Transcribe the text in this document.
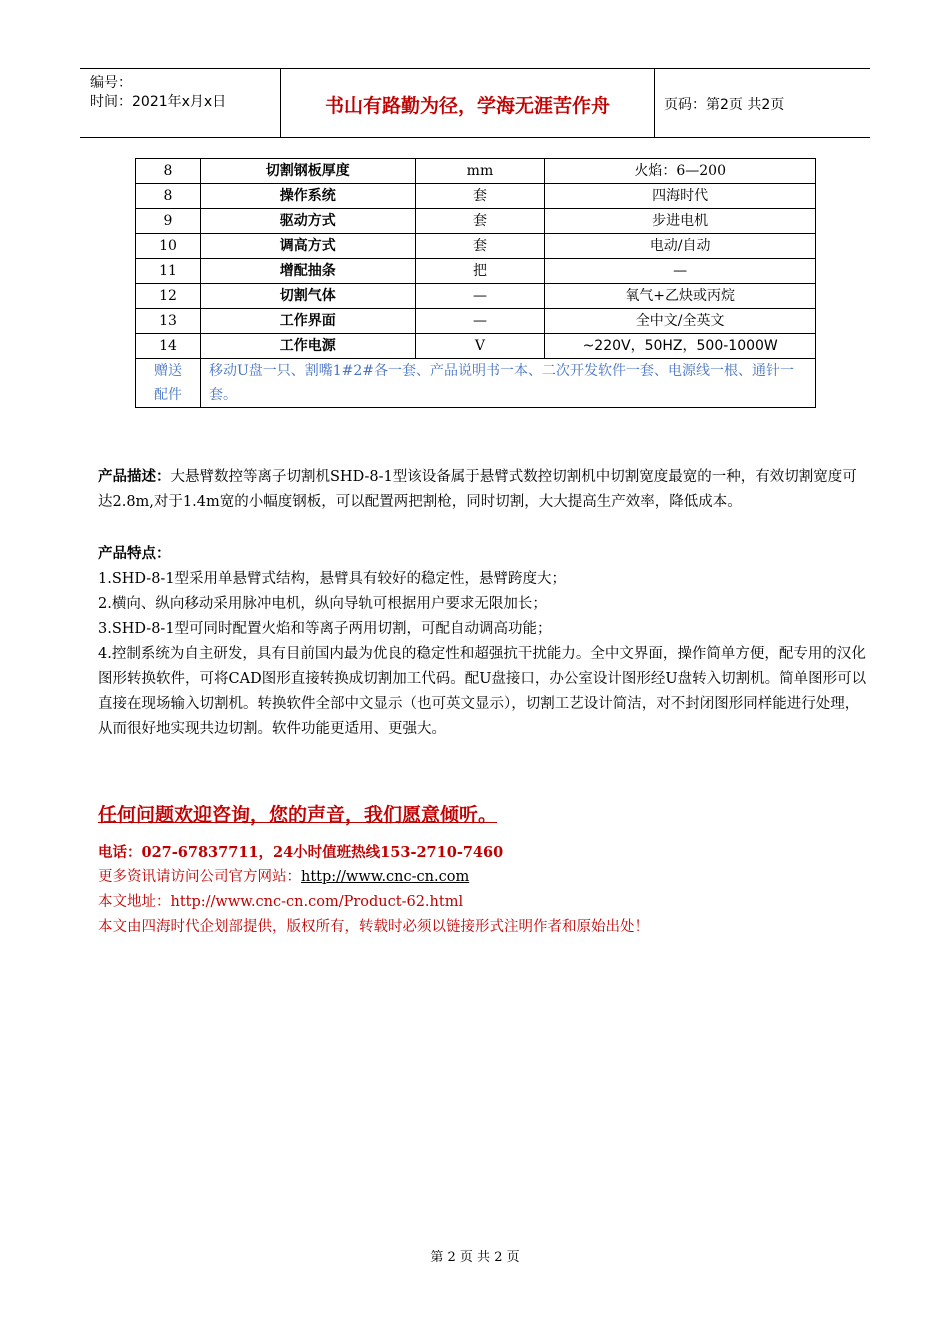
编号：
时间：2021年x月x日	书山有路勤为径，学海无涯苦作舟	页码：第2页 共2页
8	切割钢板厚度	mm	火焰：6—200
8	操作系统	套	四海时代
9	驱动方式	套	步进电机
10	调高方式	套	电动/自动
11	增配抽条	把	—
12	切割气体	—	氧气+乙炔或丙烷
13	工作界面	—	全中文/全英文
14	工作电源	V	~220V，50HZ，500-1000W
赠送配件	移动U盘一只、割嘴1#2#各一套、产品说明书一本、二次开发软件一套、电源线一根、通针一套。		

产品描述：大悬臂数控等离子切割机SHD-8-1型该设备属于悬臂式数控切割机中切割宽度最宽的一种，有效切割宽度可达2.8m,对于1.4m宽的小幅度钢板，可以配置两把割枪，同时切割，大大提高生产效率，降低成本。

产品特点：

1.SHD-8-1型采用单悬臂式结构，悬臂具有较好的稳定性，悬臂跨度大；

2.横向、纵向移动采用脉冲电机，纵向导轨可根据用户要求无限加长；

3.SHD-8-1型可同时配置火焰和等离子两用切割，可配自动调高功能；

4.控制系统为自主研发，具有目前国内最为优良的稳定性和超强抗干扰能力。全中文界面，操作简单方便，配专用的汉化图形转换软件，可将CAD图形直接转换成切割加工代码。配U盘接口，办公室设计图形经U盘转入切割机。简单图形可以直接在现场输入切割机。转换软件全部中文显示（也可英文显示），切割工艺设计简洁，对不封闭图形同样能进行处理，从而很好地实现共边切割。软件功能更适用、更强大。

任何问题欢迎咨询，您的声音，我们愿意倾听。

电话：027-67837711，24小时值班热线153-2710-7460

更多资讯请访问公司官方网站：http://www.cnc-cn.com

本文地址：http://www.cnc-cn.com/Product-62.html

本文由四海时代企划部提供，版权所有，转载时必须以链接形式注明作者和原始出处！

第 2 页 共 2 页
